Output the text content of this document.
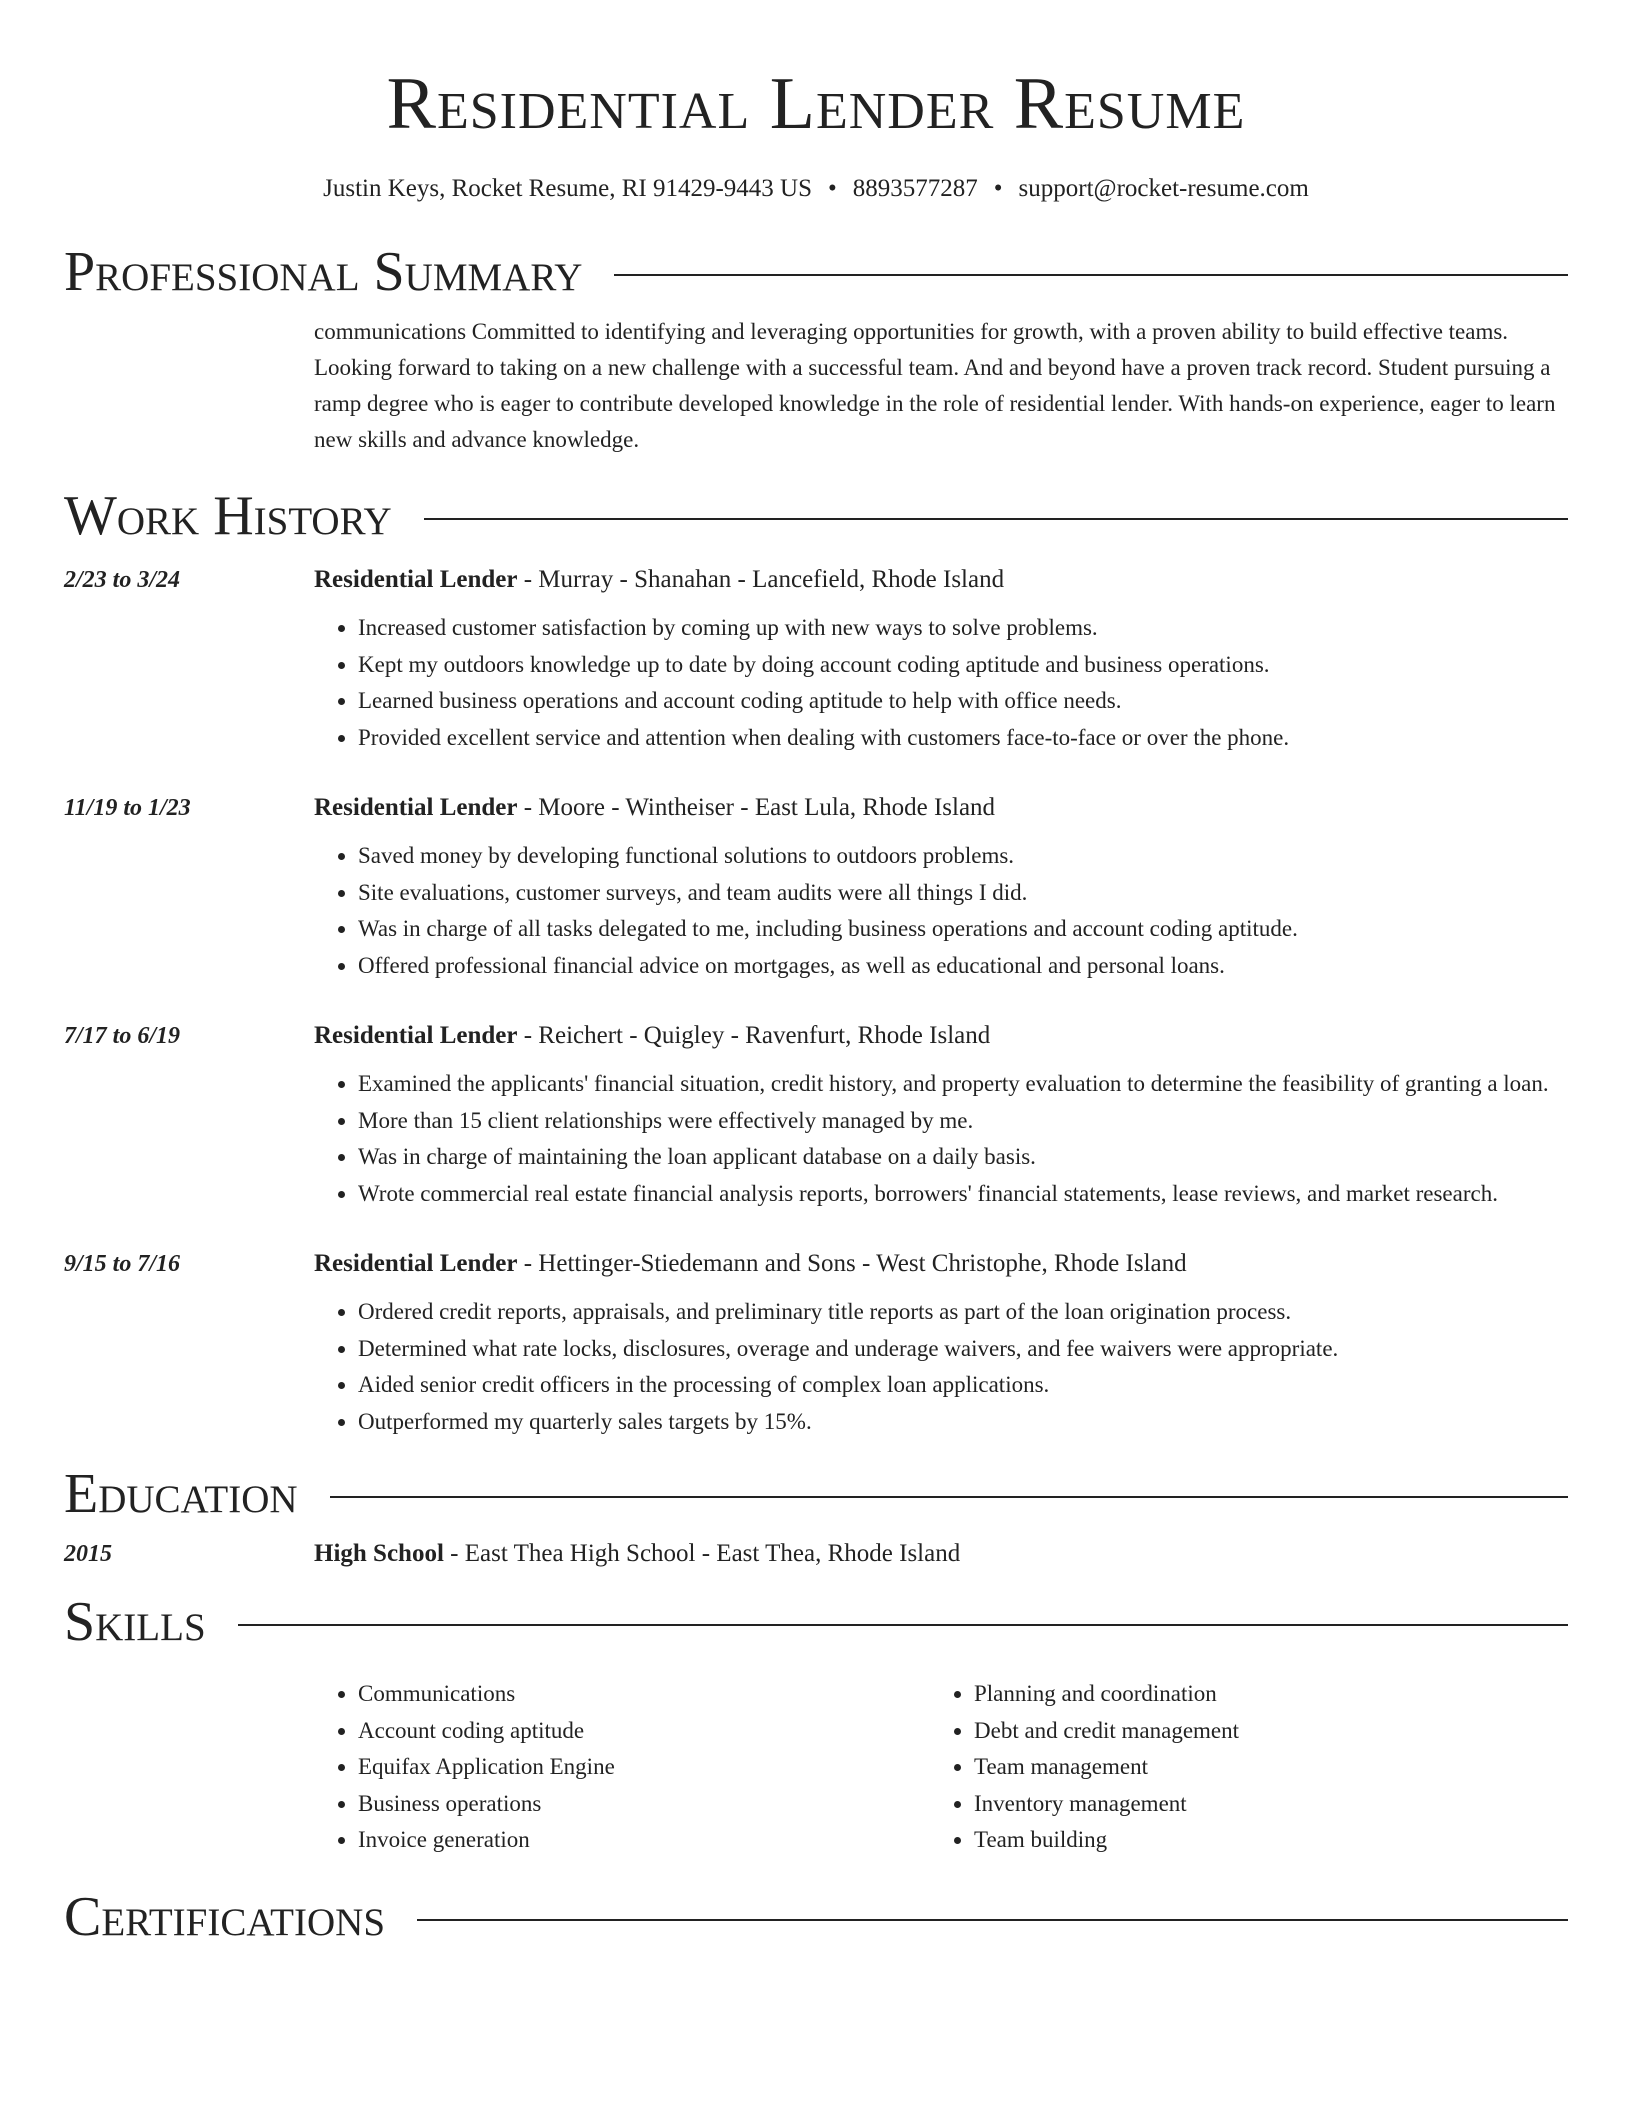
Residential Lender Resume
Justin Keys, Rocket Resume, RI 91429-9443 US • 8893577287 • support@rocket-resume.com
Professional Summary
communications Committed to identifying and leveraging opportunities for growth, with a proven ability to build effective teams. Looking forward to taking on a new challenge with a successful team. And and beyond have a proven track record. Student pursuing a ramp degree who is eager to contribute developed knowledge in the role of residential lender. With hands-on experience, eager to learn new skills and advance knowledge.
Work History
2/23 to 3/24	Residential Lender - Murray - Shanahan - Lancefield, Rhode Island
• Increased customer satisfaction by coming up with new ways to solve problems.
• Kept my outdoors knowledge up to date by doing account coding aptitude and business operations.
• Learned business operations and account coding aptitude to help with office needs.
• Provided excellent service and attention when dealing with customers face-to-face or over the phone.
11/19 to 1/23	Residential Lender - Moore - Wintheiser - East Lula, Rhode Island
• Saved money by developing functional solutions to outdoors problems.
• Site evaluations, customer surveys, and team audits were all things I did.
• Was in charge of all tasks delegated to me, including business operations and account coding aptitude.
• Offered professional financial advice on mortgages, as well as educational and personal loans.
7/17 to 6/19	Residential Lender - Reichert - Quigley - Ravenfurt, Rhode Island
• Examined the applicants' financial situation, credit history, and property evaluation to determine the feasibility of granting a loan.
• More than 15 client relationships were effectively managed by me.
• Was in charge of maintaining the loan applicant database on a daily basis.
• Wrote commercial real estate financial analysis reports, borrowers' financial statements, lease reviews, and market research.
9/15 to 7/16	Residential Lender - Hettinger-Stiedemann and Sons - West Christophe, Rhode Island
• Ordered credit reports, appraisals, and preliminary title reports as part of the loan origination process.
• Determined what rate locks, disclosures, overage and underage waivers, and fee waivers were appropriate.
• Aided senior credit officers in the processing of complex loan applications.
• Outperformed my quarterly sales targets by 15%.
Education
2015	High School - East Thea High School - East Thea, Rhode Island
Skills
• Communications
• Account coding aptitude
• Equifax Application Engine
• Business operations
• Invoice generation
• Planning and coordination
• Debt and credit management
• Team management
• Inventory management
• Team building
Certifications
